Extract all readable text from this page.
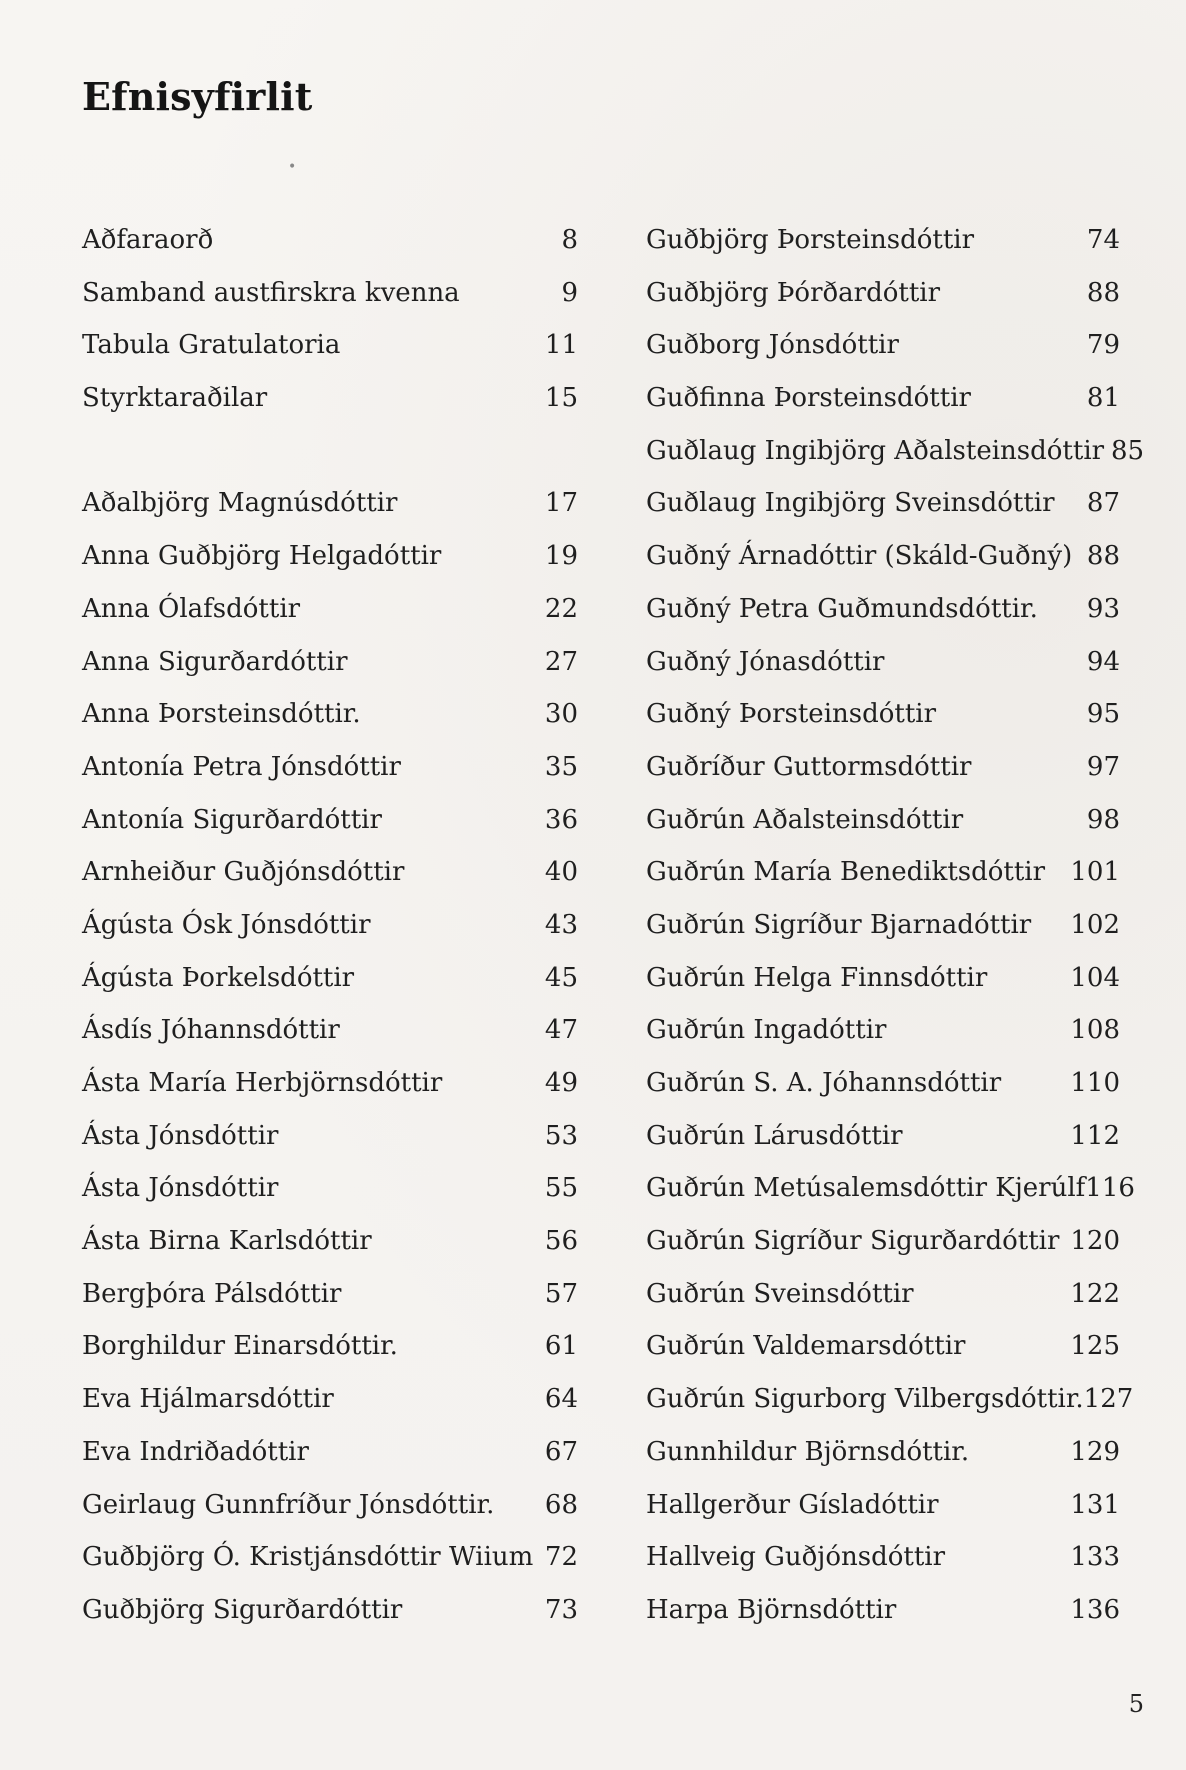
Efnisyfirlit
•
Aðfaraorð	8
Samband austfirskra kvenna	9
Tabula Gratulatoria	11
Styrktaraðilar	15
Aðalbjörg Magnúsdóttir	17
Anna Guðbjörg Helgadóttir	19
Anna Ólafsdóttir	22
Anna Sigurðardóttir	27
Anna Þorsteinsdóttir.	30
Antonía Petra Jónsdóttir	35
Antonía Sigurðardóttir	36
Arnheiður Guðjónsdóttir	40
Ágústa Ósk Jónsdóttir	43
Ágústa Þorkelsdóttir	45
Ásdís Jóhannsdóttir	47
Ásta María Herbjörnsdóttir	49
Ásta Jónsdóttir	53
Ásta Jónsdóttir	55
Ásta Birna Karlsdóttir	56
Bergþóra Pálsdóttir	57
Borghildur Einarsdóttir.	61
Eva Hjálmarsdóttir	64
Eva Indriðadóttir	67
Geirlaug Gunnfríður Jónsdóttir. 68
Guðbjörg Ó. Kristjánsdóttir Wiium 72
Guðbjörg Sigurðardóttir	73
Guðbjörg Þorsteinsdóttir	74
Guðbjörg Þórðardóttir	88
Guðborg Jónsdóttir	79
Guðfinna Þorsteinsdóttir	81
Guðlaug Ingibjörg Aðalsteinsdóttir 85
Guðlaug Ingibjörg Sveinsdóttir 87
Guðný Árnadóttir (Skáld-Guðný) 88
Guðný Petra Guðmundsdóttir. 93
Guðný Jónasdóttir	94
Guðný Þorsteinsdóttir	95
Guðríður Guttormsdóttir	97
Guðrún Aðalsteinsdóttir	98
Guðrún María Benediktsdóttir 101
Guðrún Sigríður Bjarnadóttir 102
Guðrún Helga Finnsdóttir	104
Guðrún Ingadóttir	108
Guðrún S. A. Jóhannsdóttir	110
Guðrún Lárusdóttir	112
Guðrún Metúsalemsdóttir Kjerúlf 116
Guðrún Sigríður Sigurðardóttir 120
Guðrún Sveinsdóttir	122
Guðrún Valdemarsdóttir	125
Guðrún Sigurborg Vilbergsdóttir. 127
Gunnhildur Björnsdóttir.	129
Hallgerður Gísladóttir	131
Hallveig Guðjónsdóttir	133
Harpa Björnsdóttir	136
5
